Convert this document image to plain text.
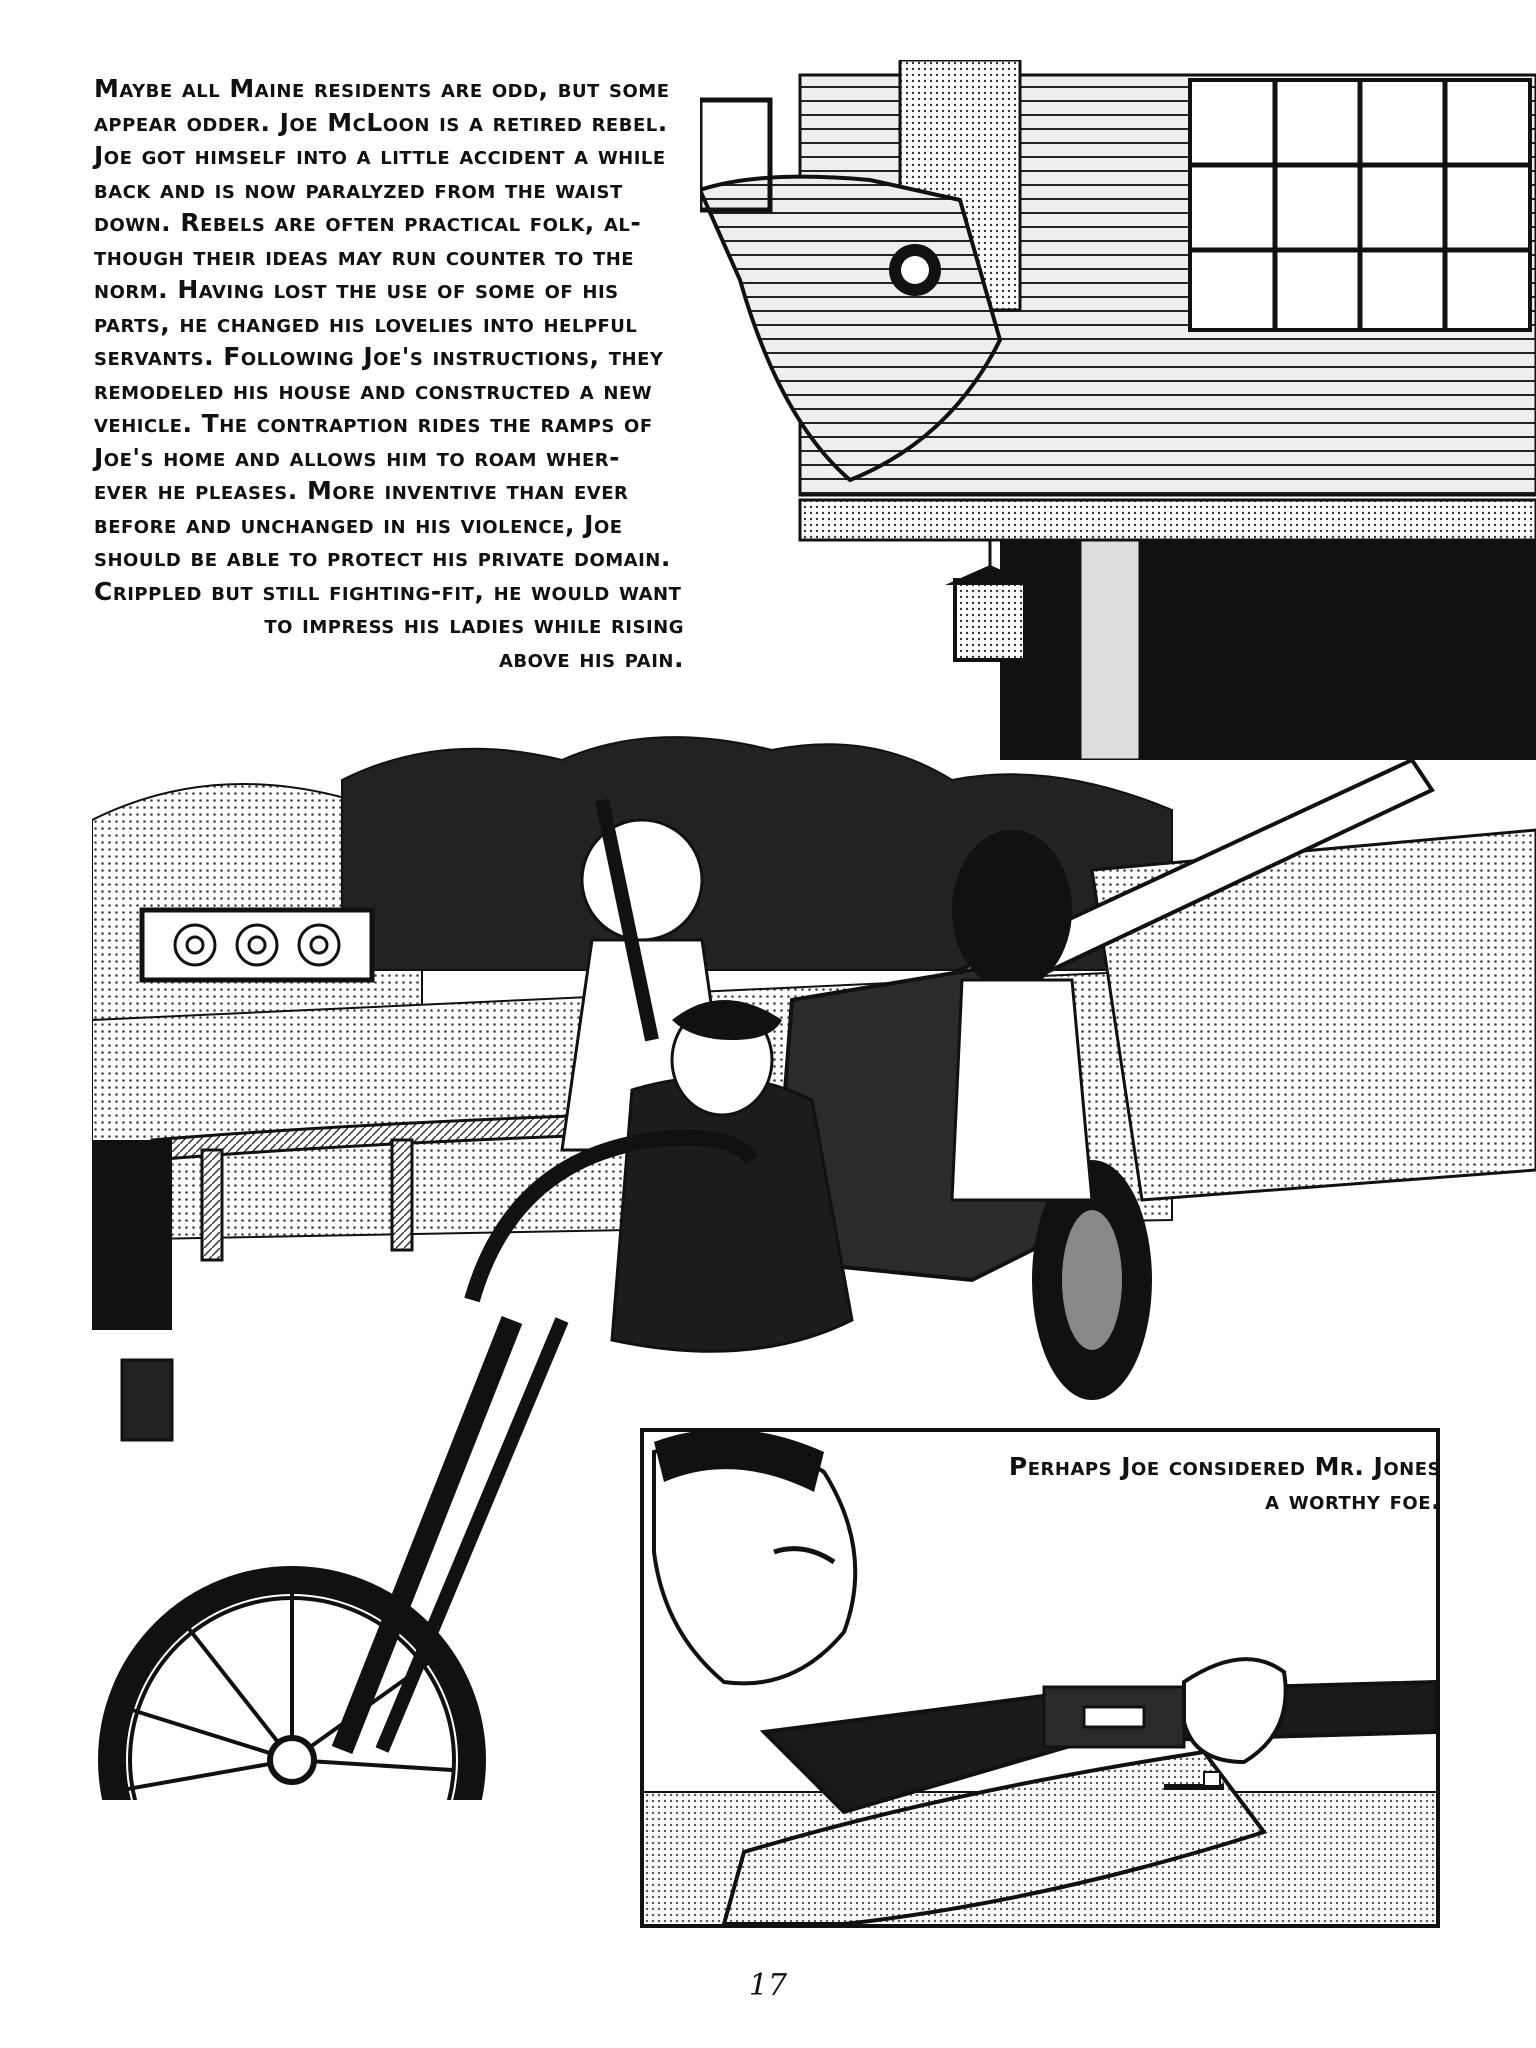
Maybe all Maine residents are odd, but some
appear odder. Joe McLoon is a retired rebel.
Joe got himself into a little accident a while
back and is now paralyzed from the waist
down. Rebels are often practical folk, al-
though their ideas may run counter to the
norm. Having lost the use of some of his
parts, he changed his lovelies into helpful
servants. Following Joe's instructions, they
remodeled his house and constructed a new
vehicle. The contraption rides the ramps of
Joe's home and allows him to roam wher-
ever he pleases. More inventive than ever
before and unchanged in his violence, Joe
should be able to protect his private domain.
Crippled but still fighting-fit, he would want
to impress his ladies while rising
above his pain.
Perhaps Joe considered Mr. Jones
a worthy foe.
17
